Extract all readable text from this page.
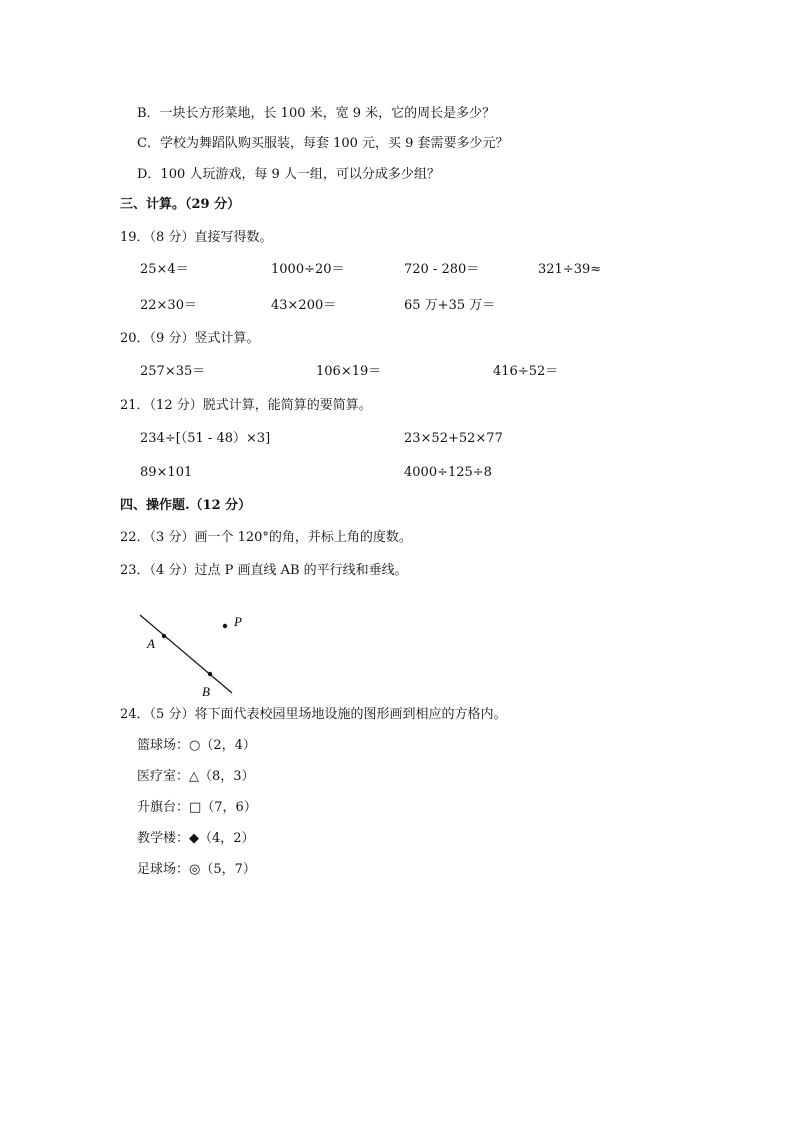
B．一块长方形菜地，长 100 米，宽 9 米，它的周长是多少？
C．学校为舞蹈队购买服装，每套 100 元，买 9 套需要多少元？
D．100 人玩游戏，每 9 人一组，可以分成多少组？
三、计算。（29 分）
19．（8 分）直接写得数。
25×4＝	1000÷20＝	720 - 280＝	321÷39≈
22×30＝	43×200＝	65 万+35 万＝
20．（9 分）竖式计算。
257×35＝	106×19＝	416÷52＝
21．（12 分）脱式计算，能简算的要简算。
234÷[（51 - 48）×3]	23×52+52×77
89×101	4000÷125÷8
四、操作题.（12 分）
22．（3 分）画一个 120°的角，并标上角的度数。
23．（4 分）过点 P 画直线 AB 的平行线和垂线。
A
B
P
24．（5 分）将下面代表校园里场地设施的图形画到相应的方格内。
篮球场：○（2，4）
医疗室：△（8，3）
升旗台：□（7，6）
教学楼：◆（4，2）
足球场：◎（5，7）
